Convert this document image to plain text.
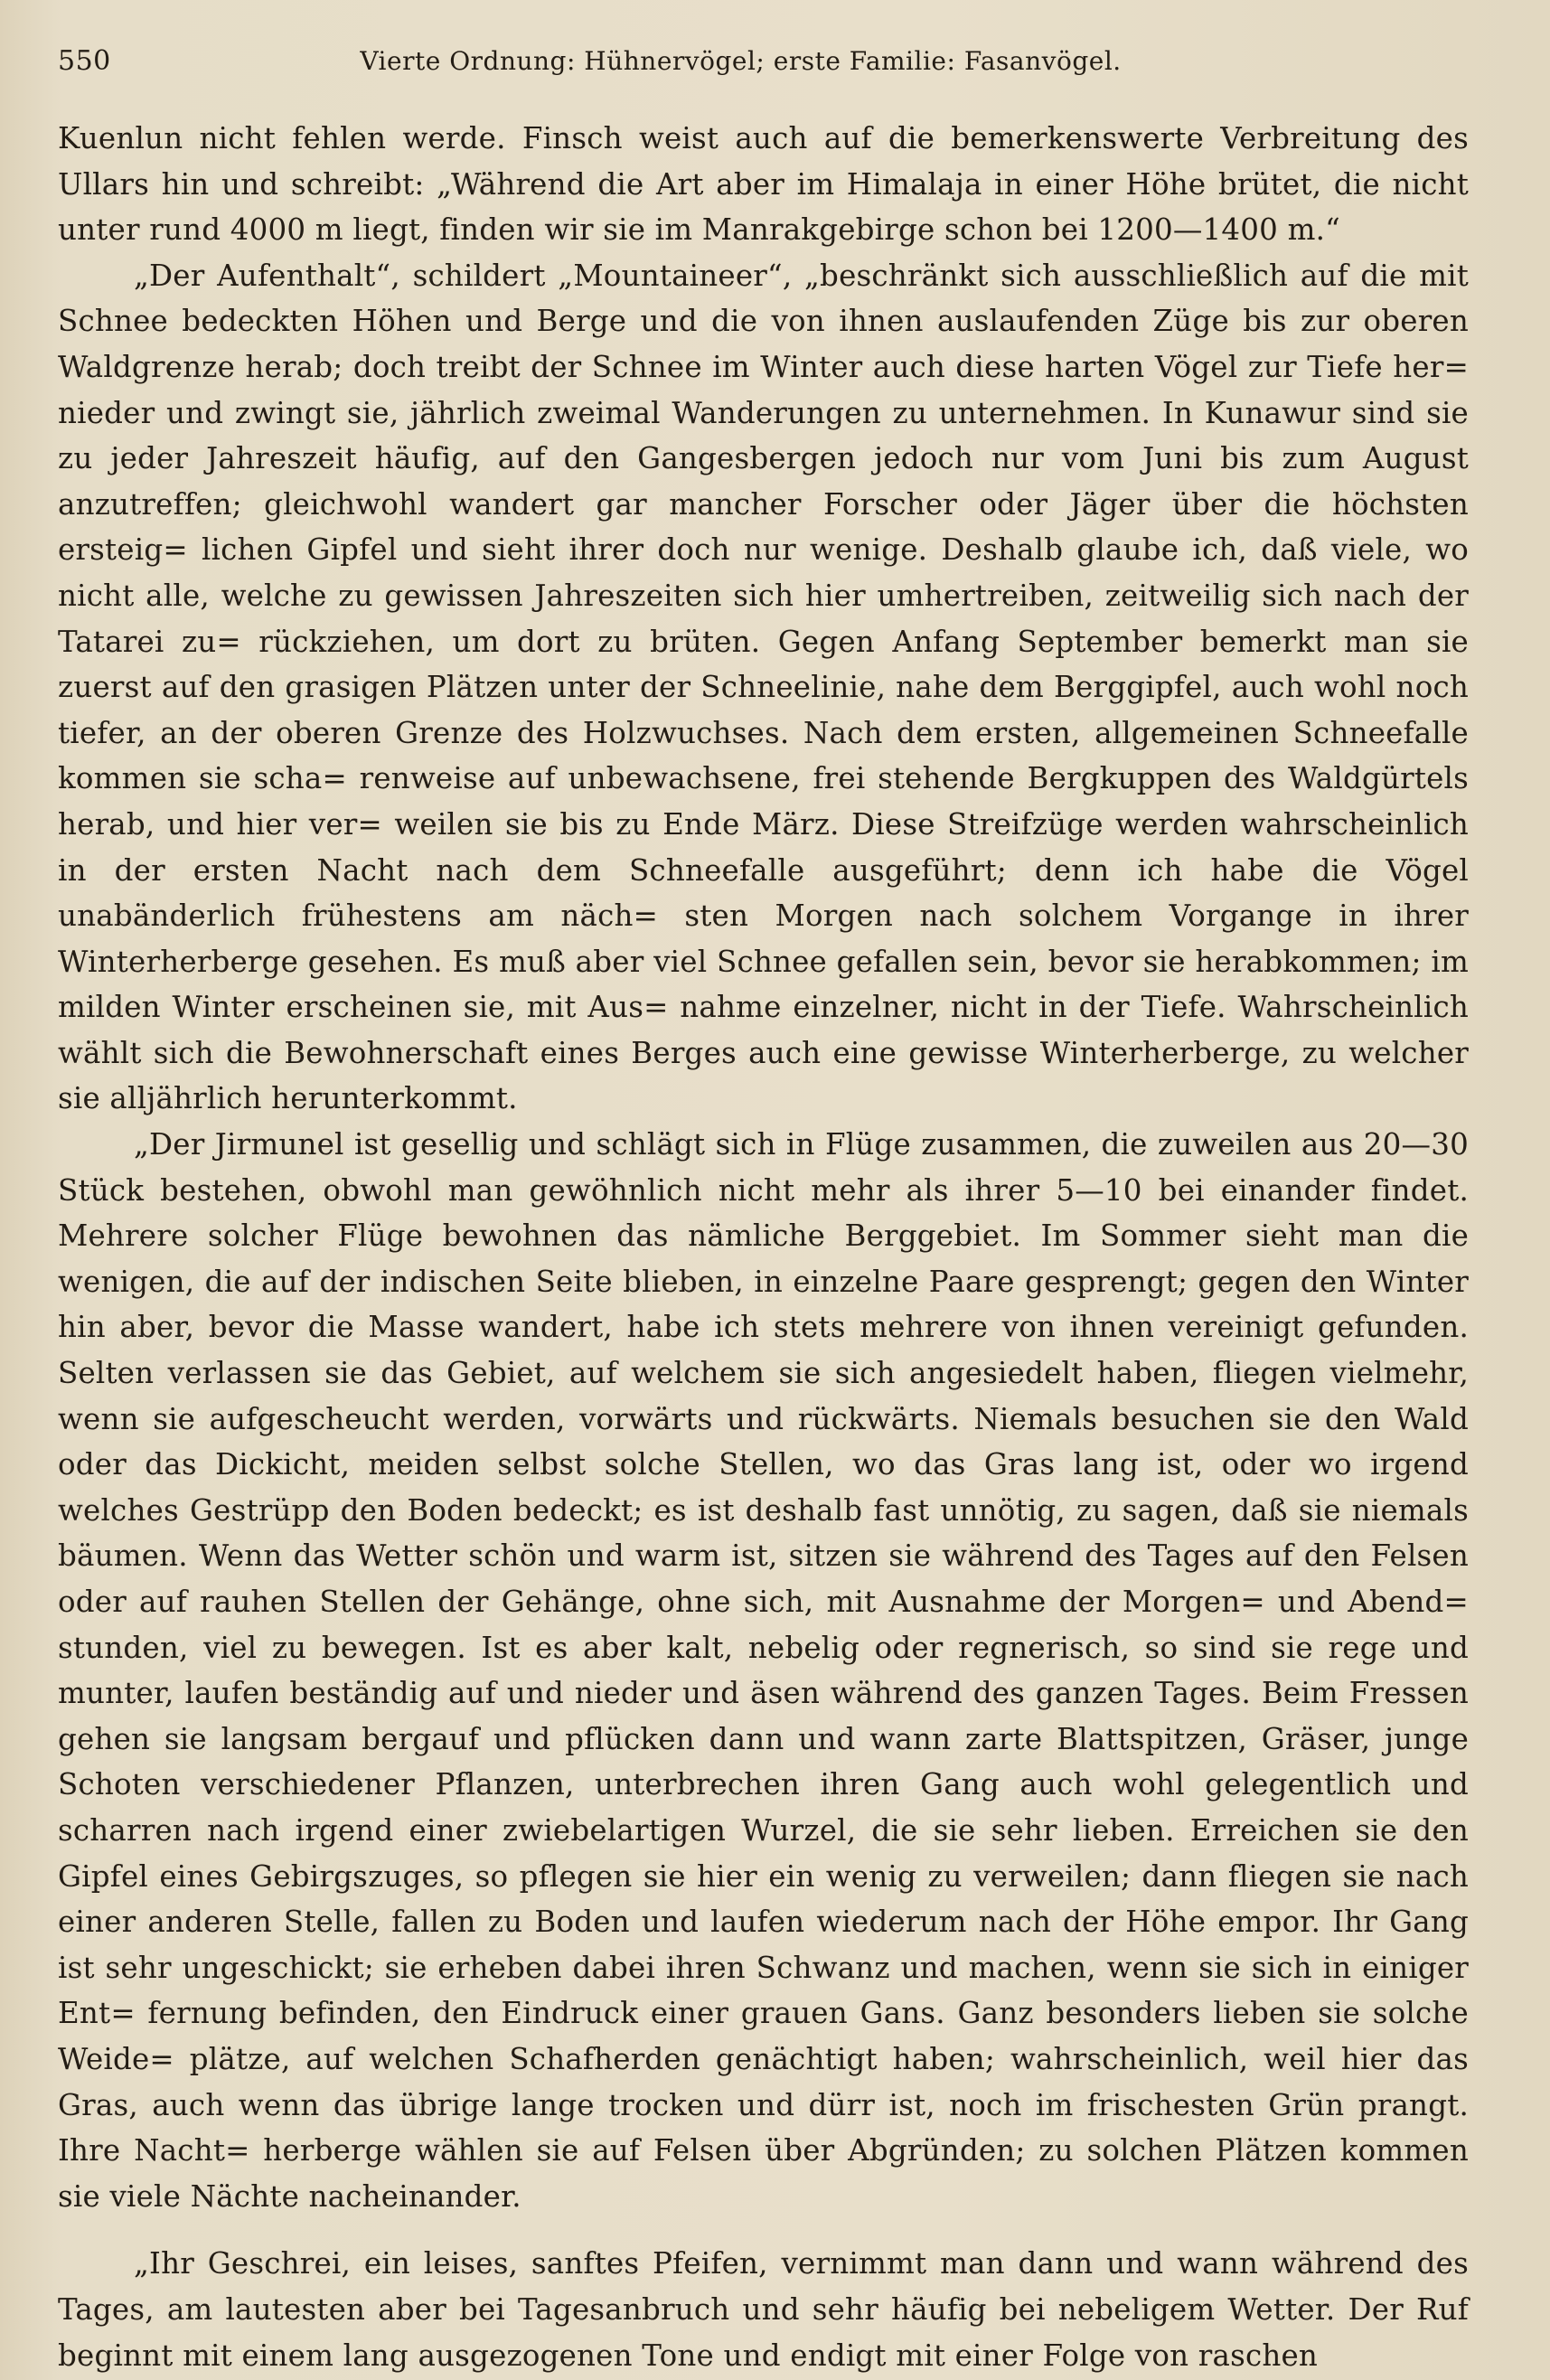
550	Vierte Ordnung: Hühnervögel; erste Familie: Fasanvögel.

Kuenlun nicht fehlen werde. Finsch weist auch auf die bemerkenswerte Verbreitung des Ullars hin und schreibt: „Während die Art aber im Himalaja in einer Höhe brütet, die nicht unter rund 4000 m liegt, finden wir sie im Manrakgebirge schon bei 1200—1400 m.“

„Der Aufenthalt“, schildert „Mountaineer“, „beschränkt sich ausschließlich auf die mit Schnee bedeckten Höhen und Berge und die von ihnen auslaufenden Züge bis zur oberen Waldgrenze herab; doch treibt der Schnee im Winter auch diese harten Vögel zur Tiefe her= nieder und zwingt sie, jährlich zweimal Wanderungen zu unternehmen. In Kunawur sind sie zu jeder Jahreszeit häufig, auf den Gangesbergen jedoch nur vom Juni bis zum August anzutreffen; gleichwohl wandert gar mancher Forscher oder Jäger über die höchsten ersteig= lichen Gipfel und sieht ihrer doch nur wenige. Deshalb glaube ich, daß viele, wo nicht alle, welche zu gewissen Jahreszeiten sich hier umhertreiben, zeitweilig sich nach der Tatarei zu= rückziehen, um dort zu brüten. Gegen Anfang September bemerkt man sie zuerst auf den grasigen Plätzen unter der Schneelinie, nahe dem Berggipfel, auch wohl noch tiefer, an der oberen Grenze des Holzwuchses. Nach dem ersten, allgemeinen Schneefalle kommen sie scha= renweise auf unbewachsene, frei stehende Bergkuppen des Waldgürtels herab, und hier ver= weilen sie bis zu Ende März. Diese Streifzüge werden wahrscheinlich in der ersten Nacht nach dem Schneefalle ausgeführt; denn ich habe die Vögel unabänderlich frühestens am näch= sten Morgen nach solchem Vorgange in ihrer Winterherberge gesehen. Es muß aber viel Schnee gefallen sein, bevor sie herabkommen; im milden Winter erscheinen sie, mit Aus= nahme einzelner, nicht in der Tiefe. Wahrscheinlich wählt sich die Bewohnerschaft eines Berges auch eine gewisse Winterherberge, zu welcher sie alljährlich herunterkommt.

„Der Jirmunel ist gesellig und schlägt sich in Flüge zusammen, die zuweilen aus 20—30 Stück bestehen, obwohl man gewöhnlich nicht mehr als ihrer 5—10 bei einander findet. Mehrere solcher Flüge bewohnen das nämliche Berggebiet. Im Sommer sieht man die wenigen, die auf der indischen Seite blieben, in einzelne Paare gesprengt; gegen den Winter hin aber, bevor die Masse wandert, habe ich stets mehrere von ihnen vereinigt gefunden. Selten verlassen sie das Gebiet, auf welchem sie sich angesiedelt haben, fliegen vielmehr, wenn sie aufgescheucht werden, vorwärts und rückwärts. Niemals besuchen sie den Wald oder das Dickicht, meiden selbst solche Stellen, wo das Gras lang ist, oder wo irgend welches Gestrüpp den Boden bedeckt; es ist deshalb fast unnötig, zu sagen, daß sie niemals bäumen. Wenn das Wetter schön und warm ist, sitzen sie während des Tages auf den Felsen oder auf rauhen Stellen der Gehänge, ohne sich, mit Ausnahme der Morgen= und Abend= stunden, viel zu bewegen. Ist es aber kalt, nebelig oder regnerisch, so sind sie rege und munter, laufen beständig auf und nieder und äsen während des ganzen Tages. Beim Fressen gehen sie langsam bergauf und pflücken dann und wann zarte Blattspitzen, Gräser, junge Schoten verschiedener Pflanzen, unterbrechen ihren Gang auch wohl gelegentlich und scharren nach irgend einer zwiebelartigen Wurzel, die sie sehr lieben. Erreichen sie den Gipfel eines Gebirgszuges, so pflegen sie hier ein wenig zu verweilen; dann fliegen sie nach einer anderen Stelle, fallen zu Boden und laufen wiederum nach der Höhe empor. Ihr Gang ist sehr ungeschickt; sie erheben dabei ihren Schwanz und machen, wenn sie sich in einiger Ent= fernung befinden, den Eindruck einer grauen Gans. Ganz besonders lieben sie solche Weide= plätze, auf welchen Schafherden genächtigt haben; wahrscheinlich, weil hier das Gras, auch wenn das übrige lange trocken und dürr ist, noch im frischesten Grün prangt. Ihre Nacht= herberge wählen sie auf Felsen über Abgründen; zu solchen Plätzen kommen sie viele Nächte nacheinander.

„Ihr Geschrei, ein leises, sanftes Pfeifen, vernimmt man dann und wann während des Tages, am lautesten aber bei Tagesanbruch und sehr häufig bei nebeligem Wetter. Der Ruf beginnt mit einem lang ausgezogenen Tone und endigt mit einer Folge von raschen
